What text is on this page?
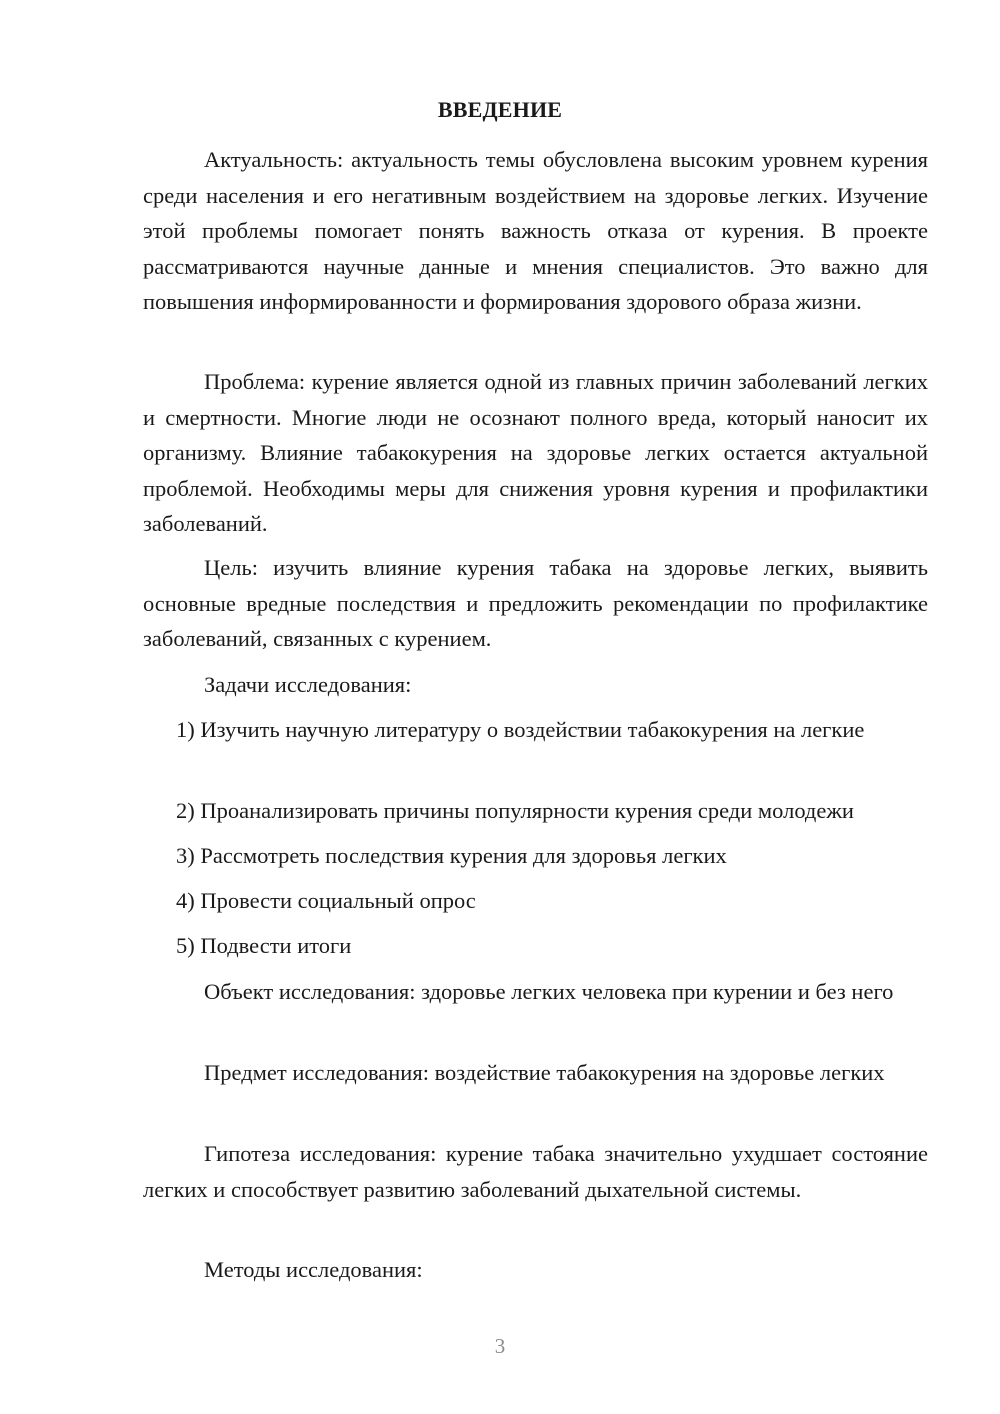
ВВЕДЕНИЕ
Актуальность: актуальность темы обусловлена высоким уровнем курения среди населения и его негативным воздействием на здоровье легких. Изучение этой проблемы помогает понять важность отказа от курения. В проекте рассматриваются научные данные и мнения специалистов. Это важно для повышения информированности и формирования здорового образа жизни.
Проблема: курение является одной из главных причин заболеваний легких и смертности. Многие люди не осознают полного вреда, который наносит их организму. Влияние табакокурения на здоровье легких остается актуальной проблемой. Необходимы меры для снижения уровня курения и профилактики заболеваний.
Цель: изучить влияние курения табака на здоровье легких, выявить основные вредные последствия и предложить рекомендации по профилактике заболеваний, связанных с курением.
Задачи исследования:
1) Изучить научную литературу о воздействии табакокурения на легкие
2) Проанализировать причины популярности курения среди молодежи
3) Рассмотреть последствия курения для здоровья легких
4) Провести социальный опрос
5) Подвести итоги
Объект исследования: здоровье легких человека при курении и без него
Предмет исследования: воздействие табакокурения на здоровье легких
Гипотеза исследования: курение табака значительно ухудшает состояние легких и способствует развитию заболеваний дыхательной системы.
Методы исследования:
3
